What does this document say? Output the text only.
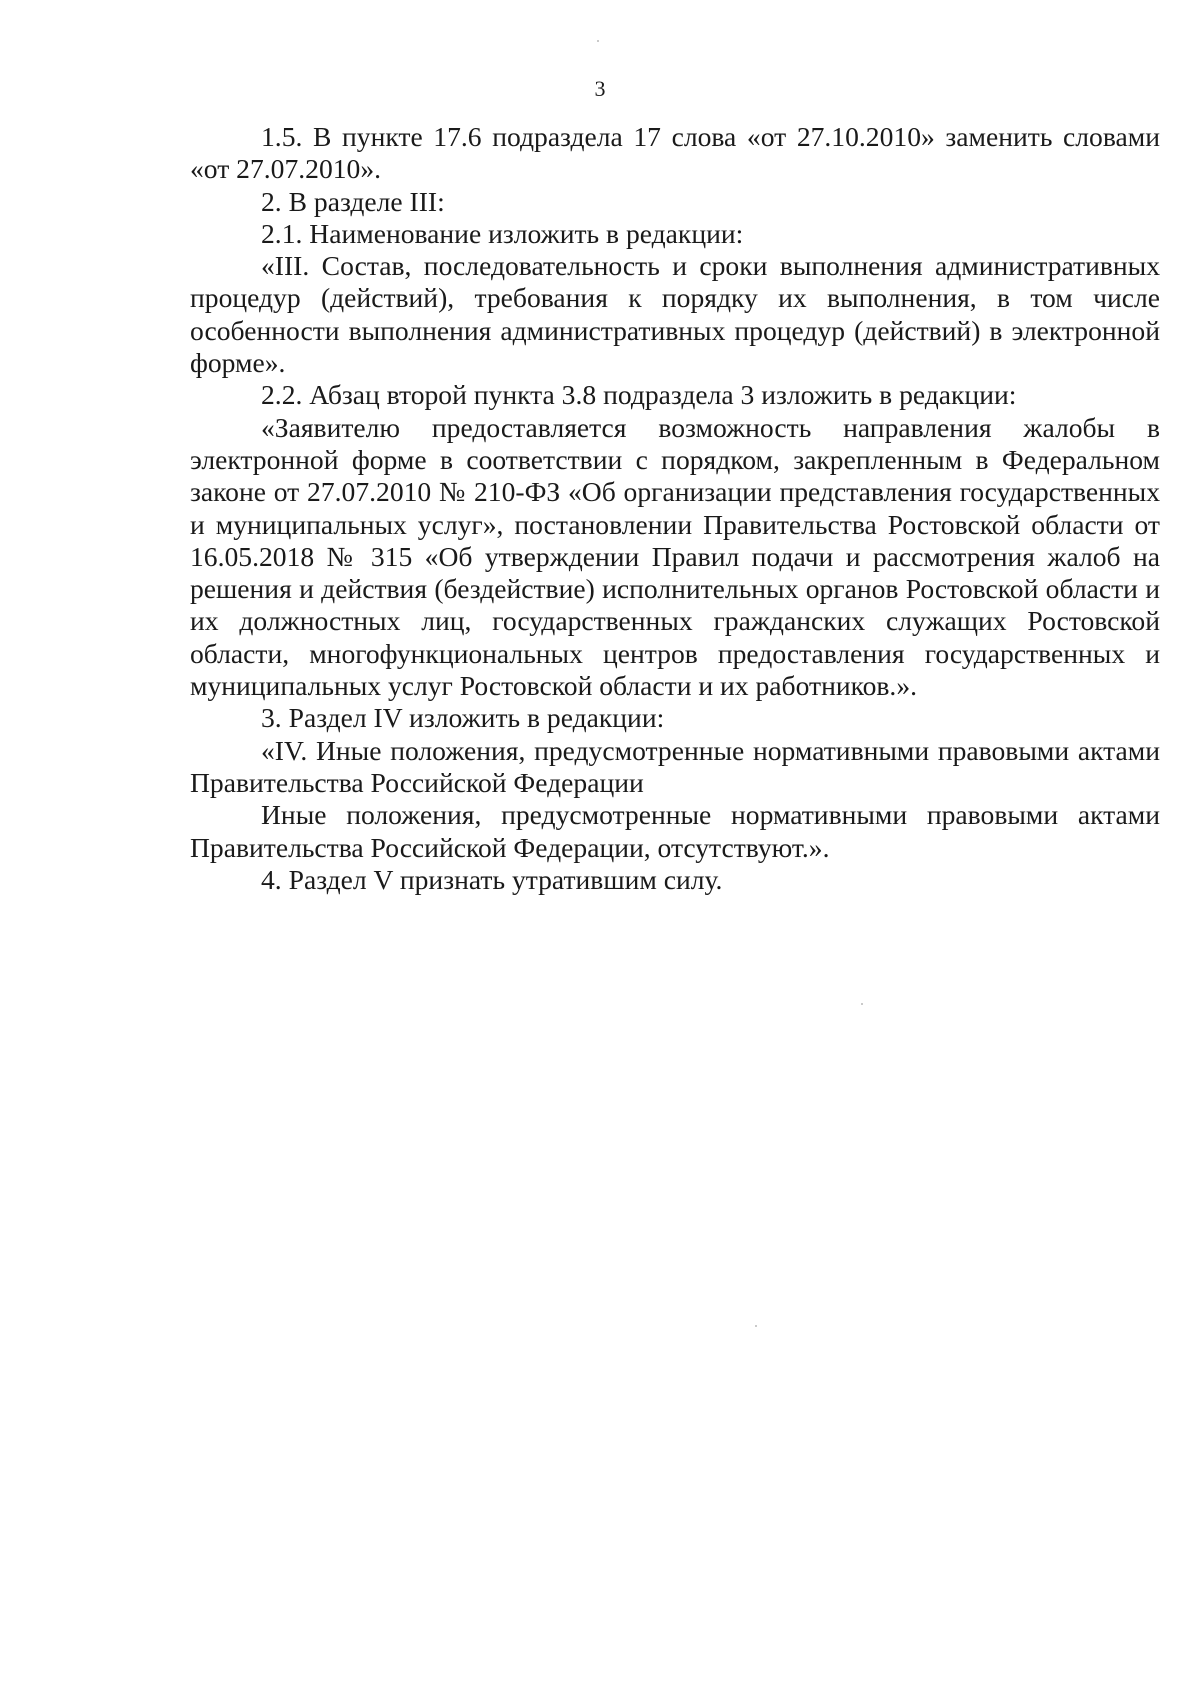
3

1.5. В пункте 17.6 подраздела 17 слова «от 27.10.2010» заменить словами «от 27.07.2010».

2. В разделе III:

2.1. Наименование изложить в редакции:

«III. Состав, последовательность и сроки выполнения административных процедур (действий), требования к порядку их выполнения, в том числе особенности выполнения административных процедур (действий) в электронной форме».

2.2. Абзац второй пункта 3.8 подраздела 3 изложить в редакции:

«Заявителю предоставляется возможность направления жалобы в электронной форме в соответствии с порядком, закрепленным в Федеральном законе от 27.07.2010 № 210-ФЗ «Об организации представления государственных и муниципальных услуг», постановлении Правительства Ростовской области от 16.05.2018 № 315 «Об утверждении Правил подачи и рассмотрения жалоб на решения и действия (бездействие) исполнительных органов Ростовской области и их должностных лиц, государственных гражданских служащих Ростовской области, многофункциональных центров предоставления государственных и муниципальных услуг Ростовской области и их работников.».

3. Раздел IV изложить в редакции:

«IV. Иные положения, предусмотренные нормативными правовыми актами Правительства Российской Федерации

Иные положения, предусмотренные нормативными правовыми актами Правительства Российской Федерации, отсутствуют.».

4. Раздел V признать утратившим силу.
